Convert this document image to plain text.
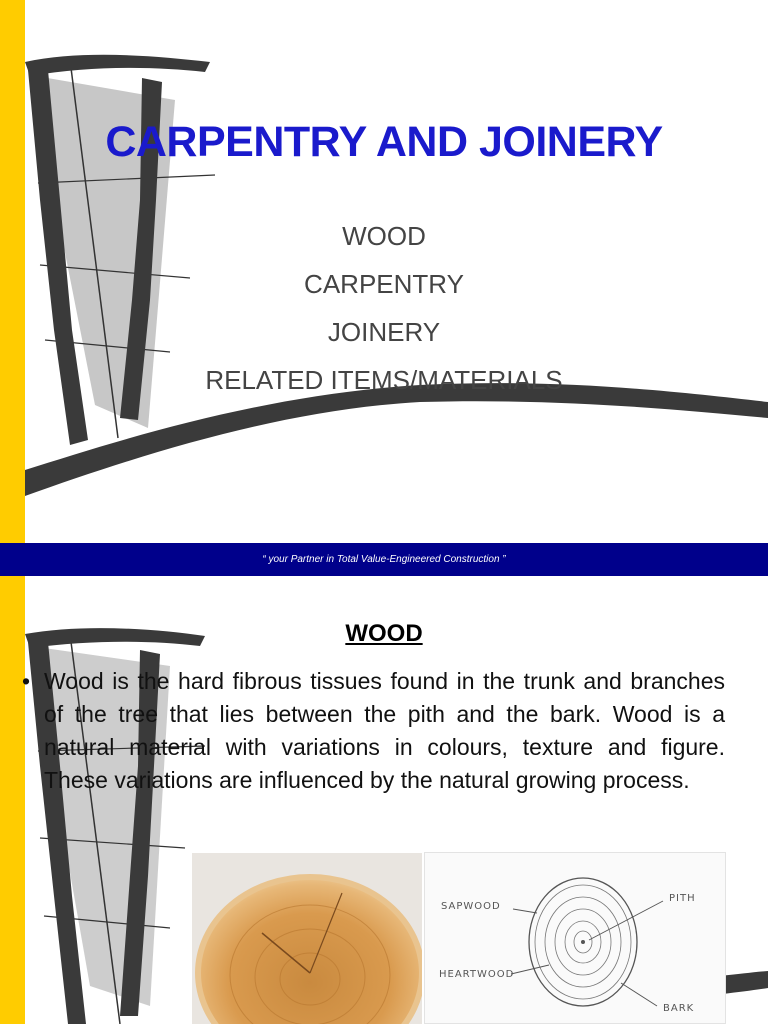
CARPENTRY AND JOINERY
WOOD
CARPENTRY
JOINERY
RELATED ITEMS/MATERIALS
“ your Partner in Total Value-Engineered Construction ”
WOOD
• Wood is the hard fibrous tissues found in the trunk and branches of the tree that lies between the pith and the bark. Wood is a natural material with variations in colours, texture and figure. These variations are influenced by the natural growing process.
SAPWOOD
PITH
HEARTWOOD
BARK
